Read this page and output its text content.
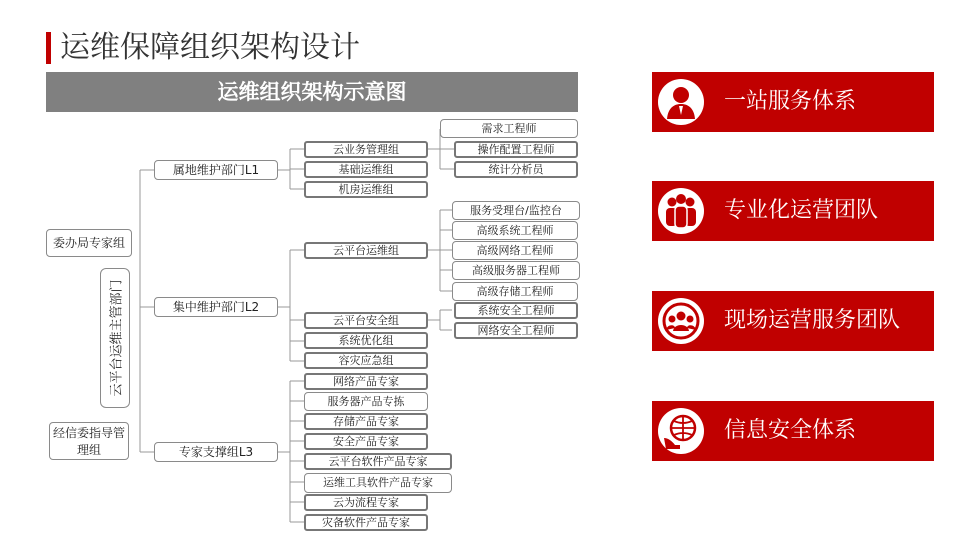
运维保障组织架构设计
运维组织架构示意图
委办局专家组
云平台运维主管部门
经信委指导管理组
属地维护部门L1
集中维护部门L2
专家支撑组L3
云业务管理组
基础运维组
机房运维组
需求工程师
操作配置工程师
统计分析员
云平台运维组
云平台安全组
系统优化组
容灾应急组
服务受理台/监控台
高级系统工程师
高级网络工程师
高级服务器工程师
高级存储工程师
系统安全工程师
网络安全工程师
网络产品专家
服务器产品专拣
存储产品专家
安全产品专家
云平台软件产品专家
运维工具软件产品专家
云为流程专家
灾备软件产品专家
一站服务体系
专业化运营团队
现场运营服务团队
信息安全体系
